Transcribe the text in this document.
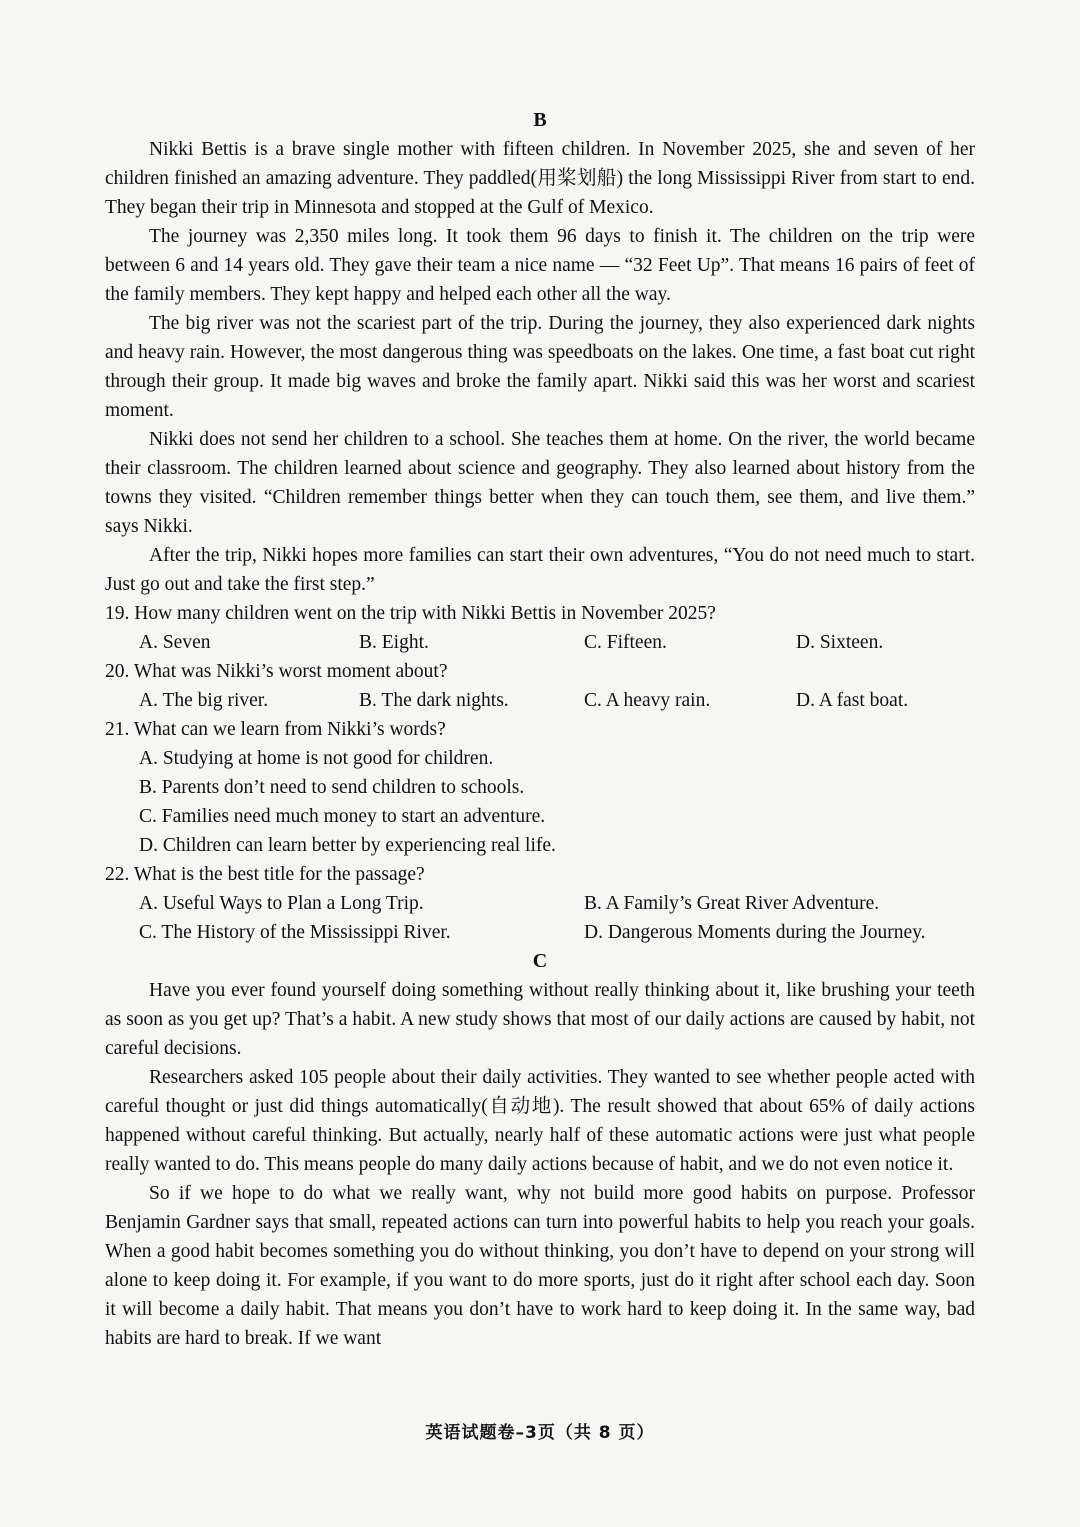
B

Nikki Bettis is a brave single mother with fifteen children. In November 2025, she and seven of her children finished an amazing adventure. They paddled(用桨划船) the long Mississippi River from start to end. They began their trip in Minnesota and stopped at the Gulf of Mexico.

The journey was 2,350 miles long. It took them 96 days to finish it. The children on the trip were between 6 and 14 years old. They gave their team a nice name — “32 Feet Up”. That means 16 pairs of feet of the family members. They kept happy and helped each other all the way.

The big river was not the scariest part of the trip. During the journey, they also experienced dark nights and heavy rain. However, the most dangerous thing was speedboats on the lakes. One time, a fast boat cut right through their group. It made big waves and broke the family apart. Nikki said this was her worst and scariest moment.

Nikki does not send her children to a school. She teaches them at home. On the river, the world became their classroom. The children learned about science and geography. They also learned about history from the towns they visited. “Children remember things better when they can touch them, see them, and live them.” says Nikki.

After the trip, Nikki hopes more families can start their own adventures, “You do not need much to start. Just go out and take the first step.”

19. How many children went on the trip with Nikki Bettis in November 2025?

A. Seven	B. Eight.	C. Fifteen.	D. Sixteen.

20. What was Nikki’s worst moment about?

A. The big river.	B. The dark nights.	C. A heavy rain.	D. A fast boat.

21. What can we learn from Nikki’s words?

A. Studying at home is not good for children.

B. Parents don’t need to send children to schools.

C. Families need much money to start an adventure.

D. Children can learn better by experiencing real life.

22. What is the best title for the passage?

A. Useful Ways to Plan a Long Trip.	B. A Family’s Great River Adventure.
C. The History of the Mississippi River.	D. Dangerous Moments during the Journey.
C

Have you ever found yourself doing something without really thinking about it, like brushing your teeth as soon as you get up? That’s a habit. A new study shows that most of our daily actions are caused by habit, not careful decisions.

Researchers asked 105 people about their daily activities. They wanted to see whether people acted with careful thought or just did things automatically(自动地). The result showed that about 65% of daily actions happened without careful thinking. But actually, nearly half of these automatic actions were just what people really wanted to do. This means people do many daily actions because of habit, and we do not even notice it.

So if we hope to do what we really want, why not build more good habits on purpose. Professor Benjamin Gardner says that small, repeated actions can turn into powerful habits to help you reach your goals. When a good habit becomes something you do without thinking, you don’t have to depend on your strong will alone to keep doing it. For example, if you want to do more sports, just do it right after school each day. Soon it will become a daily habit. That means you don’t have to work hard to keep doing it. In the same way, bad habits are hard to break. If we want

英语试题卷–3页（共 8 页）
